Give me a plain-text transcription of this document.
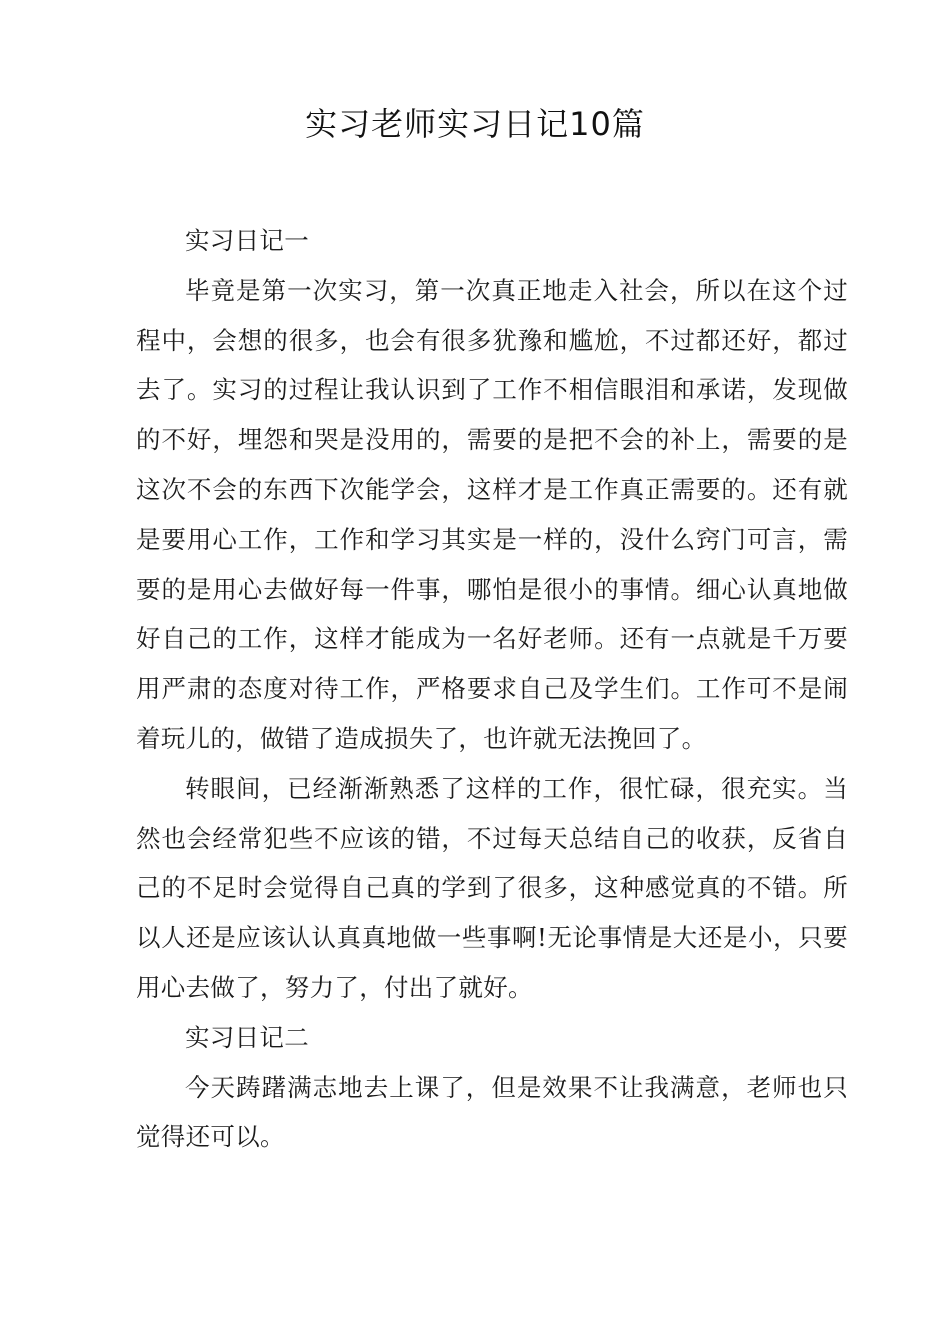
实习老师实习日记10篇

实习日记一

毕竟是第一次实习，第一次真正地走入社会，所以在这个过程中，会想的很多，也会有很多犹豫和尴尬，不过都还好，都过去了。实习的过程让我认识到了工作不相信眼泪和承诺，发现做的不好，埋怨和哭是没用的，需要的是把不会的补上，需要的是这次不会的东西下次能学会，这样才是工作真正需要的。还有就是要用心工作，工作和学习其实是一样的，没什么窍门可言，需要的是用心去做好每一件事，哪怕是很小的事情。细心认真地做好自己的工作，这样才能成为一名好老师。还有一点就是千万要用严肃的态度对待工作，严格要求自己及学生们。工作可不是闹着玩儿的，做错了造成损失了，也许就无法挽回了。

转眼间，已经渐渐熟悉了这样的工作，很忙碌，很充实。当然也会经常犯些不应该的错，不过每天总结自己的收获，反省自己的不足时会觉得自己真的学到了很多，这种感觉真的不错。所以人还是应该认认真真地做一些事啊!无论事情是大还是小，只要用心去做了，努力了，付出了就好。

实习日记二

今天踌躇满志地去上课了，但是效果不让我满意，老师也只觉得还可以。
